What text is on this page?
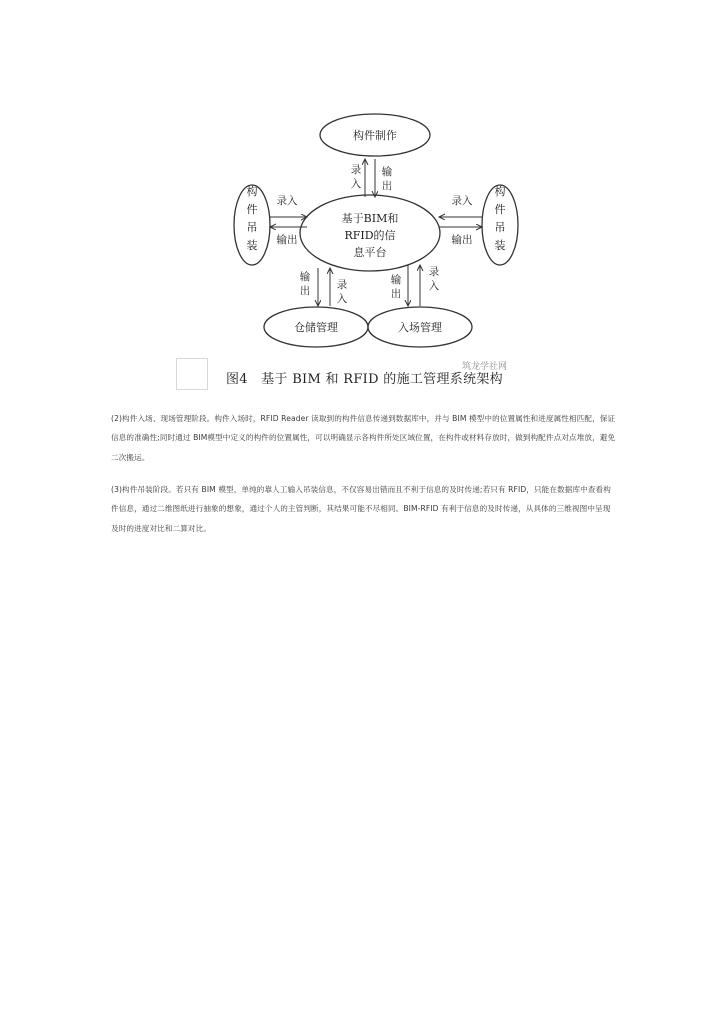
构件制作
构
件
吊
装
构
件
吊
装
基于BIM和
RFID的信
息平台
仓储管理	入场管理
录
入
输
出
录入
输出
录入
输出
输
出	录
入
输
出
录
入
图4　基于 BIM 和 RFID 的施工管理系统架构
筑龙学社网

(2)构件入场、现场管理阶段。构件入场时，RFID Reader 读取到的构件信息传递到数据库中，并与 BIM 模型中的位置属性和进度属性相匹配，保证信息的准确性;同时通过 BIM模型中定义的构件的位置属性，可以明确显示各构件所处区域位置，在构件或材料存放时，做到构配件点对点堆放，避免二次搬运。

(3)构件吊装阶段。若只有 BIM 模型，单纯的靠人工输入吊装信息，不仅容易出错而且不利于信息的及时传递;若只有 RFID，只能在数据库中查看构件信息，通过二维图纸进行抽象的想象，通过个人的主管判断，其结果可能不尽相同。BIM-RFID 有利于信息的及时传递，从具体的三维视图中呈现及时的进度对比和二算对比。
